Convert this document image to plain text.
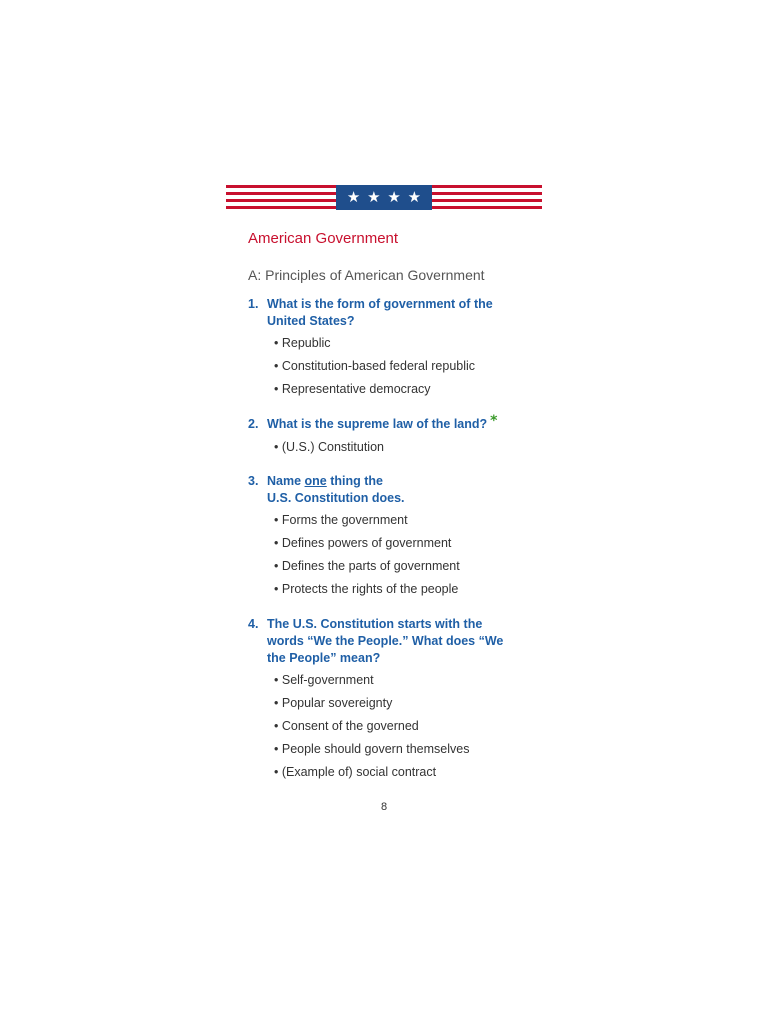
★ ★ ★ ★
American Government
A: Principles of American Government
1. What is the form of government of the United States?
• Republic
• Constitution-based federal republic
• Representative democracy
2. What is the supreme law of the land? *
• (U.S.) Constitution
3. Name one thing the
U.S. Constitution does.
• Forms the government
• Defines powers of government
• Defines the parts of government
• Protects the rights of the people
4. The U.S. Constitution starts with the words “We the People.” What does “We the People” mean?
• Self-government
• Popular sovereignty
• Consent of the governed
• People should govern themselves
• (Example of) social contract
8
